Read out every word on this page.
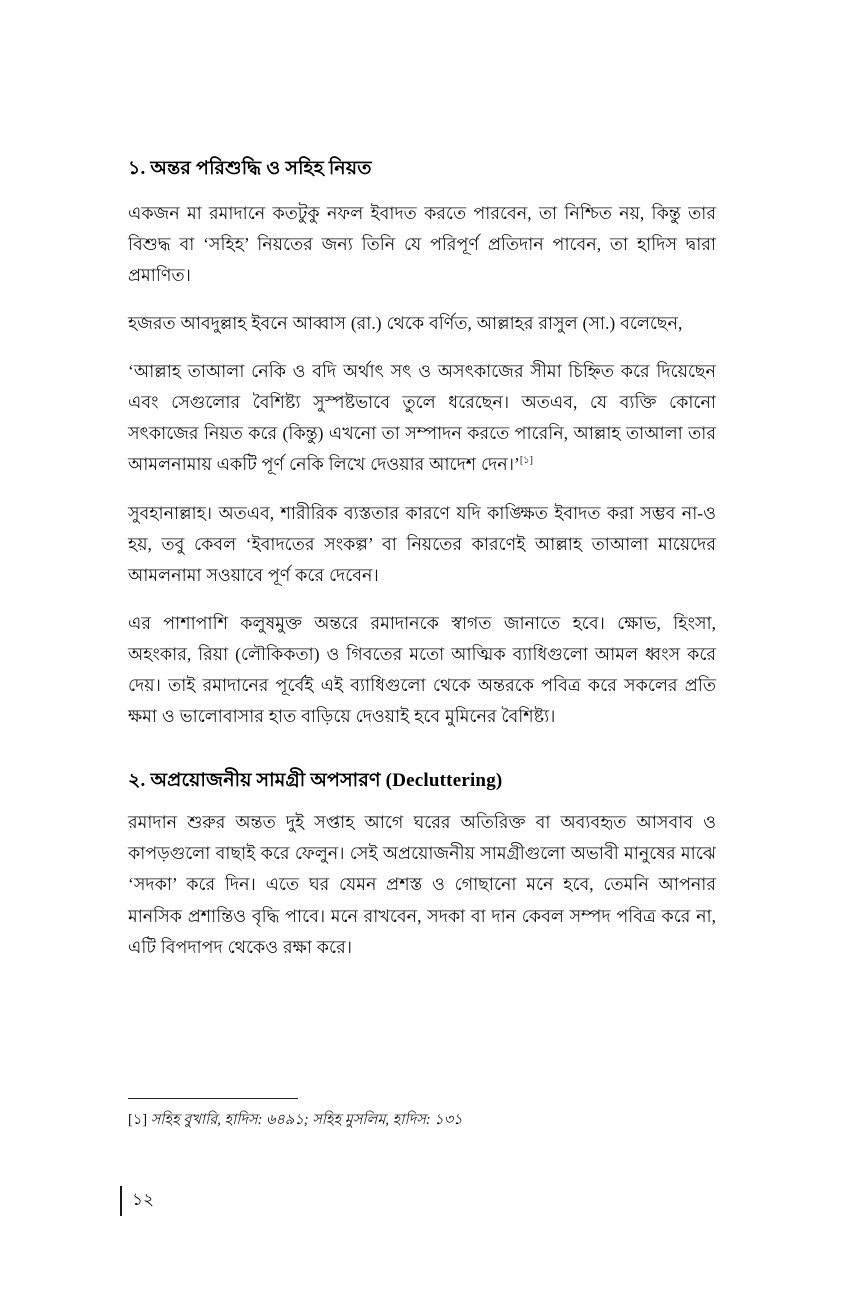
১. অন্তর পরিশুদ্ধি ও সহিহ নিয়ত

একজন মা রমাদানে কতটুকু নফল ইবাদত করতে পারবেন, তা নিশ্চিত নয়, কিন্তু তার বিশুদ্ধ বা ‘সহিহ’ নিয়তের জন্য তিনি যে পরিপূর্ণ প্রতিদান পাবেন, তা হাদিস দ্বারা প্রমাণিত।

হজরত আবদুল্লাহ ইবনে আব্বাস (রা.) থেকে বর্ণিত, আল্লাহর রাসুল (সা.) বলেছেন,

‘আল্লাহ তাআলা নেকি ও বদি অর্থাৎ সৎ ও অসৎকাজের সীমা চিহ্নিত করে দিয়েছেন এবং সেগুলোর বৈশিষ্ট্য সুস্পষ্টভাবে তুলে ধরেছেন। অতএব, যে ব্যক্তি কোনো সৎকাজের নিয়ত করে (কিন্তু) এখনো তা সম্পাদন করতে পারেনি, আল্লাহ তাআলা তার আমলনামায় একটি পূর্ণ নেকি লিখে দেওয়ার আদেশ দেন।’[১]

সুবহানাল্লাহ। অতএব, শারীরিক ব্যস্ততার কারণে যদি কাঙ্ক্ষিত ইবাদত করা সম্ভব না-ও হয়, তবু কেবল ‘ইবাদতের সংকল্প’ বা নিয়তের কারণেই আল্লাহ তাআলা মায়েদের আমলনামা সওয়াবে পূর্ণ করে দেবেন।

এর পাশাপাশি কলুষমুক্ত অন্তরে রমাদানকে স্বাগত জানাতে হবে। ক্ষোভ, হিংসা, অহংকার, রিয়া (লৌকিকতা) ও গিবতের মতো আত্মিক ব্যাধিগুলো আমল ধ্বংস করে দেয়। তাই রমাদানের পূর্বেই এই ব্যাধিগুলো থেকে অন্তরকে পবিত্র করে সকলের প্রতি ক্ষমা ও ভালোবাসার হাত বাড়িয়ে দেওয়াই হবে মুমিনের বৈশিষ্ট্য।

২. অপ্রয়োজনীয় সামগ্রী অপসারণ (Decluttering)

রমাদান শুরুর অন্তত দুই সপ্তাহ আগে ঘরের অতিরিক্ত বা অব্যবহৃত আসবাব ও কাপড়গুলো বাছাই করে ফেলুন। সেই অপ্রয়োজনীয় সামগ্রীগুলো অভাবী মানুষের মাঝে ‘সদকা’ করে দিন। এতে ঘর যেমন প্রশস্ত ও গোছানো মনে হবে, তেমনি আপনার মানসিক প্রশান্তিও বৃদ্ধি পাবে। মনে রাখবেন, সদকা বা দান কেবল সম্পদ পবিত্র করে না, এটি বিপদাপদ থেকেও রক্ষা করে।

[১] সহিহ বুখারি, হাদিস: ৬৪৯১; সহিহ মুসলিম, হাদিস: ১৩১
১২
